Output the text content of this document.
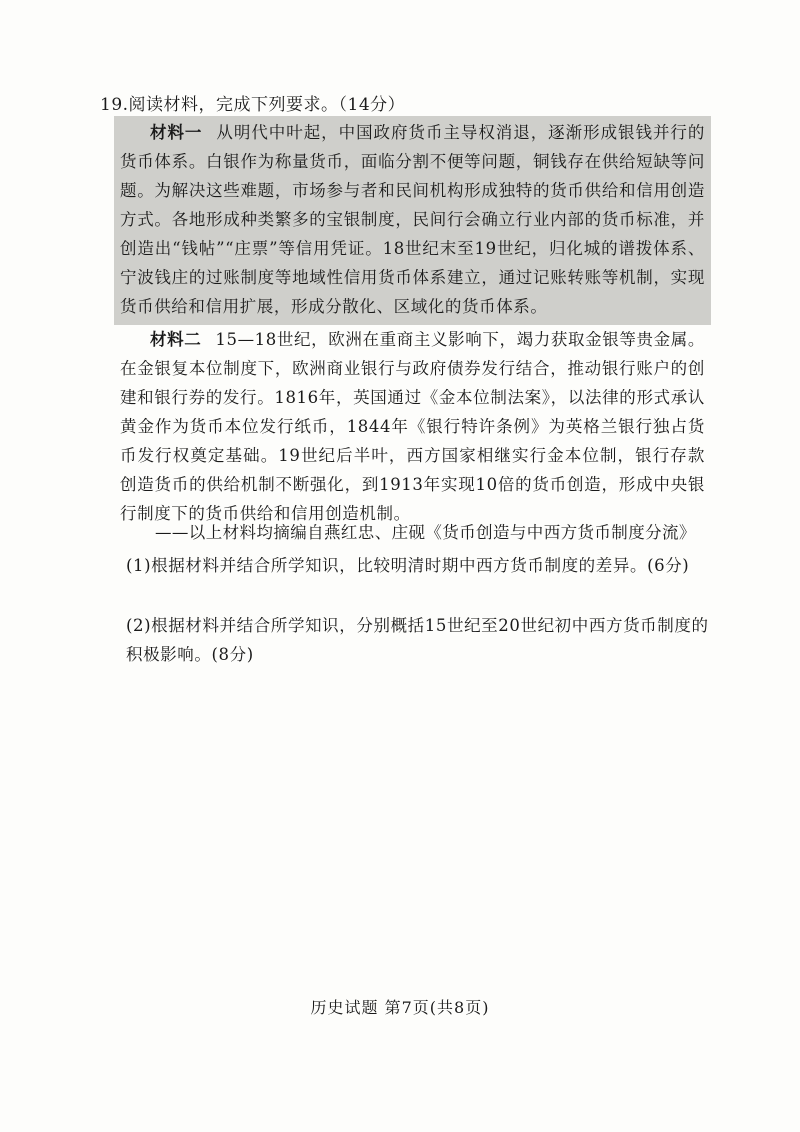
19.阅读材料，完成下列要求。（14分）
材料一 从明代中叶起，中国政府货币主导权消退，逐渐形成银钱并行的货币体系。白银作为称量货币，面临分割不便等问题，铜钱存在供给短缺等问题。为解决这些难题，市场参与者和民间机构形成独特的货币供给和信用创造方式。各地形成种类繁多的宝银制度，民间行会确立行业内部的货币标准，并创造出“钱帖”“庄票”等信用凭证。18世纪末至19世纪，归化城的谱拨体系、宁波钱庄的过账制度等地域性信用货币体系建立，通过记账转账等机制，实现货币供给和信用扩展，形成分散化、区域化的货币体系。
材料二 15—18世纪，欧洲在重商主义影响下，竭力获取金银等贵金属。在金银复本位制度下，欧洲商业银行与政府债券发行结合，推动银行账户的创建和银行券的发行。1816年，英国通过《金本位制法案》，以法律的形式承认黄金作为货币本位发行纸币，1844年《银行特许条例》为英格兰银行独占货币发行权奠定基础。19世纪后半叶，西方国家相继实行金本位制，银行存款创造货币的供给机制不断强化，到1913年实现10倍的货币创造，形成中央银行制度下的货币供给和信用创造机制。
——以上材料均摘编自燕红忠、庄砚《货币创造与中西方货币制度分流》
(1)根据材料并结合所学知识，比较明清时期中西方货币制度的差异。(6分)
(2)根据材料并结合所学知识，分别概括15世纪至20世纪初中西方货币制度的积极影响。(8分)
历史试题 第7页(共8页)
